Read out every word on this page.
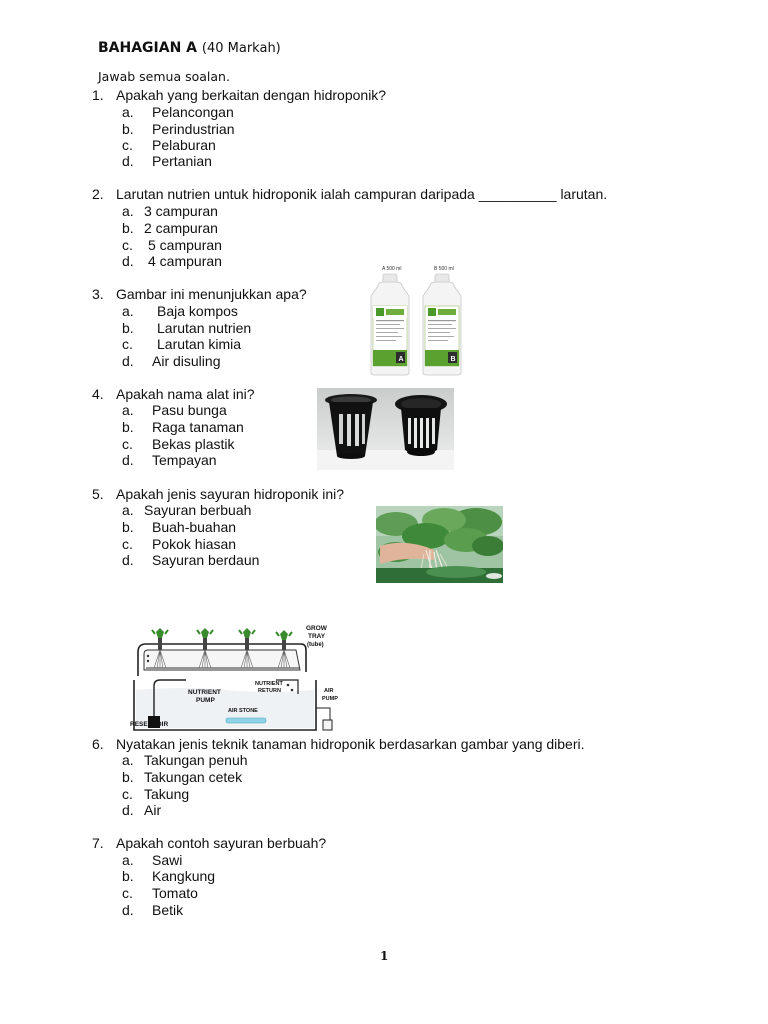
BAHAGIAN A (40 Markah)
Jawab semua soalan.
1. Apakah yang berkaitan dengan hidroponik?
a. Pelancongan
b. Perindustrian
c. Pelaburan
d. Pertanian
2. Larutan nutrien untuk hidroponik ialah campuran daripada __________ larutan.
a. 3 campuran
b. 2 campuran
c. 5 campuran
d. 4 campuran
3. Gambar ini menunjukkan apa?
a. Baja kompos
b. Larutan nutrien
c. Larutan kimia
d. Air disuling
A 500 ml	B 500 ml
A	B
4. Apakah nama alat ini?
a. Pasu bunga
b. Raga tanaman
c. Bekas plastik
d. Tempayan
5. Apakah jenis sayuran hidroponik ini?
a. Sayuran berbuah
b. Buah-buahan
c. Pokok hiasan
d. Sayuran berdaun
GROW
TRAY
(tube)
NUTRIENT
RETURN
NUTRIENT
PUMP
AIR
PUMP
AIR STONE
RESERVOIR
6. Nyatakan jenis teknik tanaman hidroponik berdasarkan gambar yang diberi.
a. Takungan penuh
b. Takungan cetek
c. Takung
d. Air
7. Apakah contoh sayuran berbuah?
a. Sawi
b. Kangkung
c. Tomato
d. Betik
1
